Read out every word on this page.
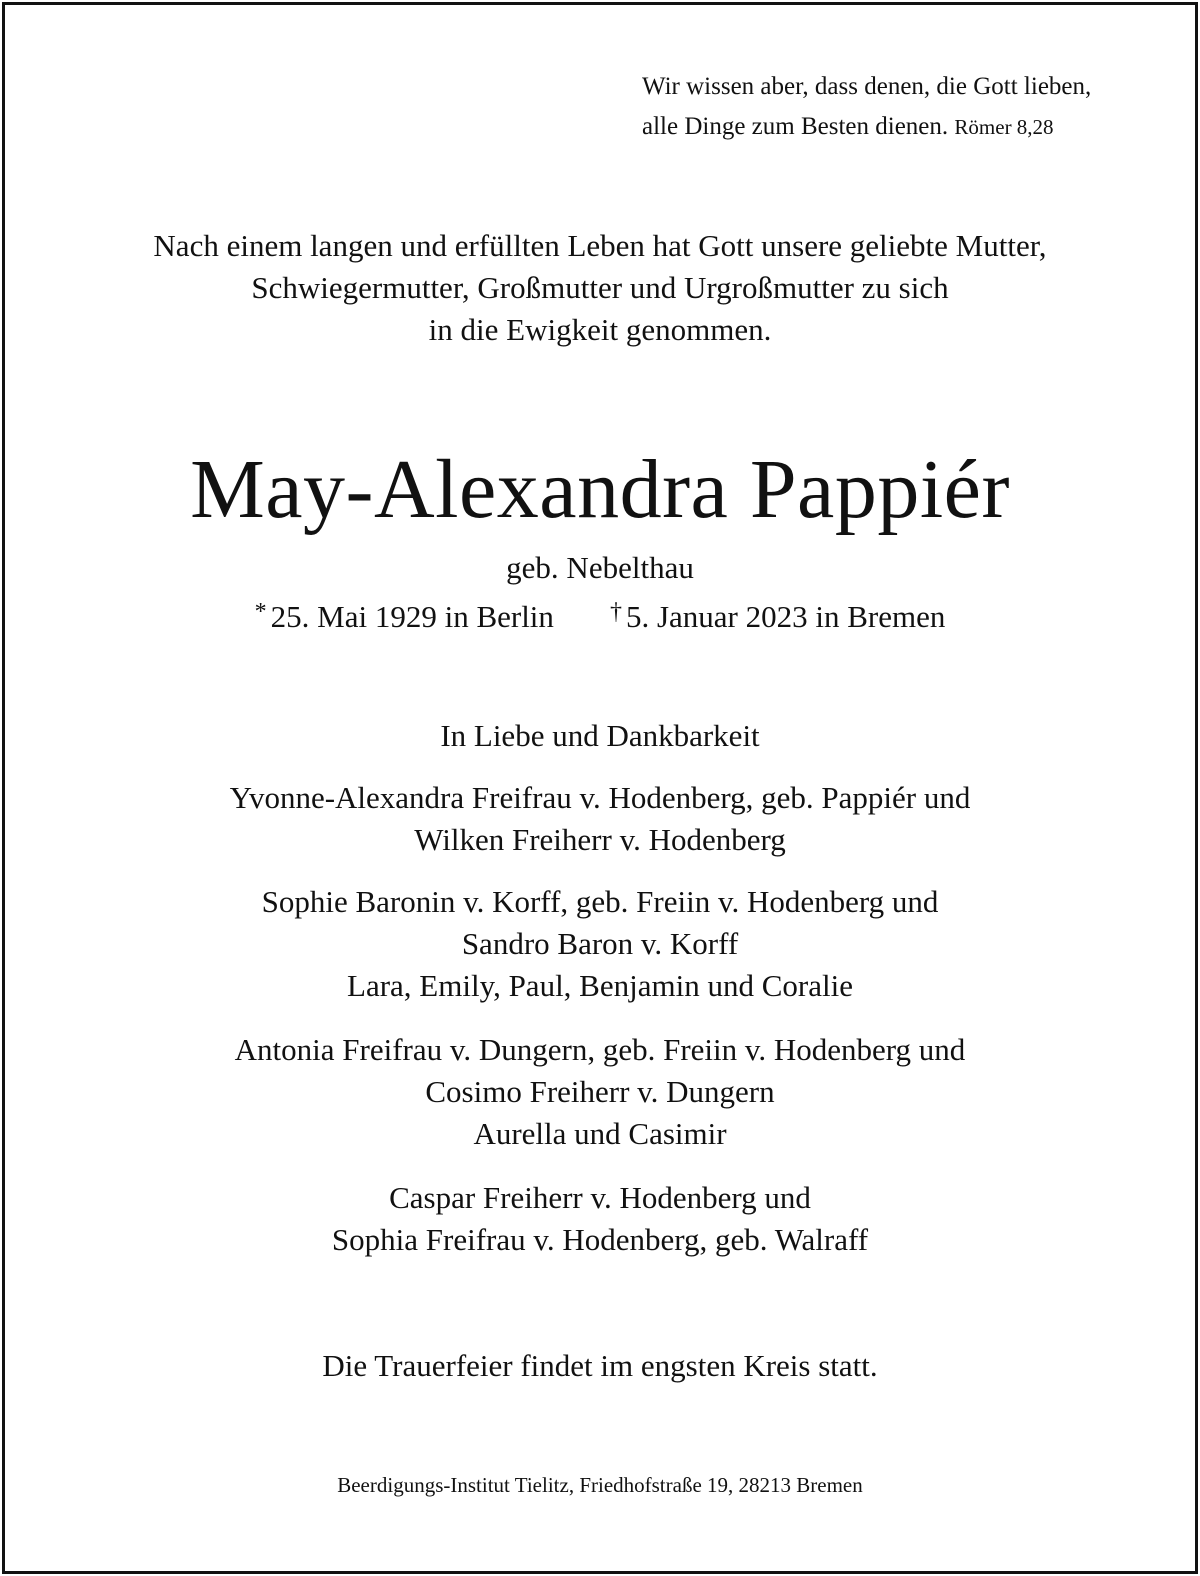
Wir wissen aber, dass denen, die Gott lieben,
alle Dinge zum Besten dienen. Römer 8,28
Nach einem langen und erfüllten Leben hat Gott unsere geliebte Mutter,
Schwiegermutter, Großmutter und Urgroßmutter zu sich
in die Ewigkeit genommen.
May-Alexandra Pappiér
geb. Nebelthau
* 25. Mai 1929 in Berlin † 5. Januar 2023 in Bremen
In Liebe und Dankbarkeit
Yvonne-Alexandra Freifrau v. Hodenberg, geb. Pappiér und
Wilken Freiherr v. Hodenberg
Sophie Baronin v. Korff, geb. Freiin v. Hodenberg und
Sandro Baron v. Korff
Lara, Emily, Paul, Benjamin und Coralie
Antonia Freifrau v. Dungern, geb. Freiin v. Hodenberg und
Cosimo Freiherr v. Dungern
Aurella und Casimir
Caspar Freiherr v. Hodenberg und
Sophia Freifrau v. Hodenberg, geb. Walraff
Die Trauerfeier findet im engsten Kreis statt.
Beerdigungs-Institut Tielitz, Friedhofstraße 19, 28213 Bremen
